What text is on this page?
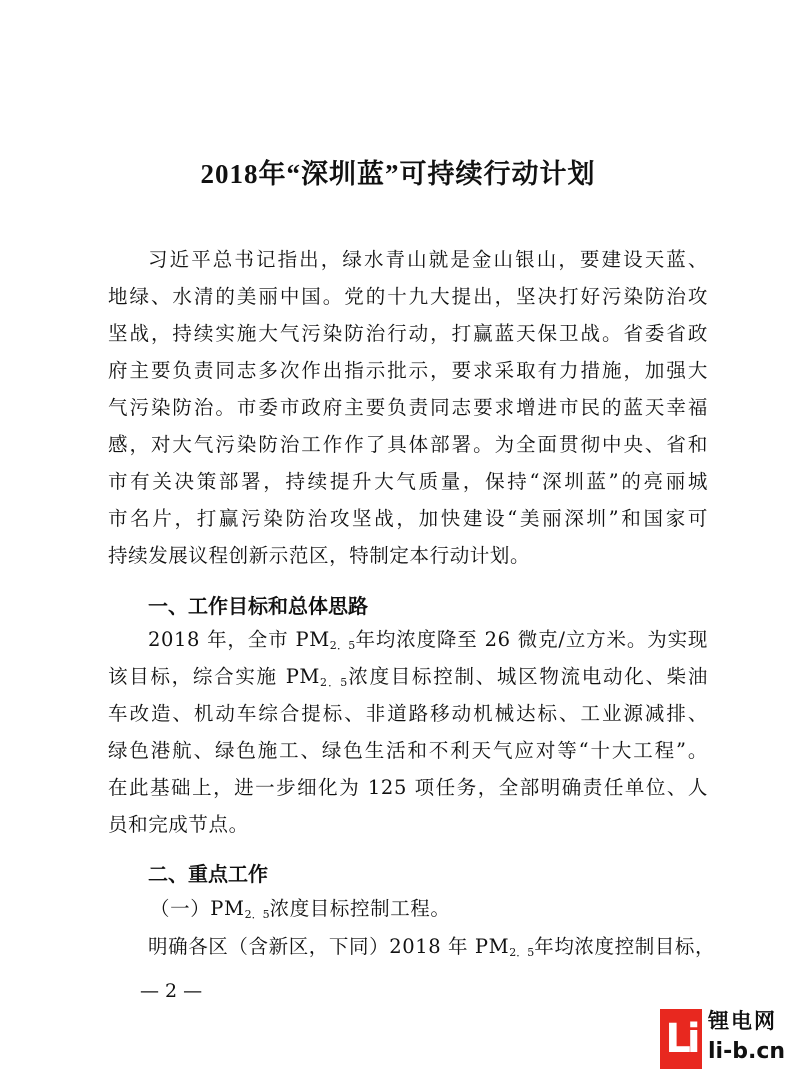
2018年“深圳蓝”可持续行动计划
习近平总书记指出，绿水青山就是金山银山，要建设天蓝、
地绿、水清的美丽中国。党的十九大提出，坚决打好污染防治攻
坚战，持续实施大气污染防治行动，打赢蓝天保卫战。省委省政
府主要负责同志多次作出指示批示，要求采取有力措施，加强大
气污染防治。市委市政府主要负责同志要求增进市民的蓝天幸福
感，对大气污染防治工作作了具体部署。为全面贯彻中央、省和
市有关决策部署，持续提升大气质量，保持“深圳蓝”的亮丽城
市名片，打赢污染防治攻坚战，加快建设“美丽深圳”和国家可
持续发展议程创新示范区，特制定本行动计划。
一、工作目标和总体思路
2018 年，全市 $PM_{2.5}$年均浓度降至 26 微克/立方米。为实现
该目标，综合实施 $PM_{2.5}$浓度目标控制、城区物流电动化、柴油
车改造、机动车综合提标、非道路移动机械达标、工业源减排、
绿色港航、绿色施工、绿色生活和不利天气应对等“十大工程”。
在此基础上，进一步细化为 125 项任务，全部明确责任单位、人
员和完成节点。
二、重点工作
（一）$PM_{2.5}$浓度目标控制工程。
明确各区（含新区，下同）2018 年 $PM_{2.5}$年均浓度控制目标，
— 2 —
Li 锂电网
li-b.cn
